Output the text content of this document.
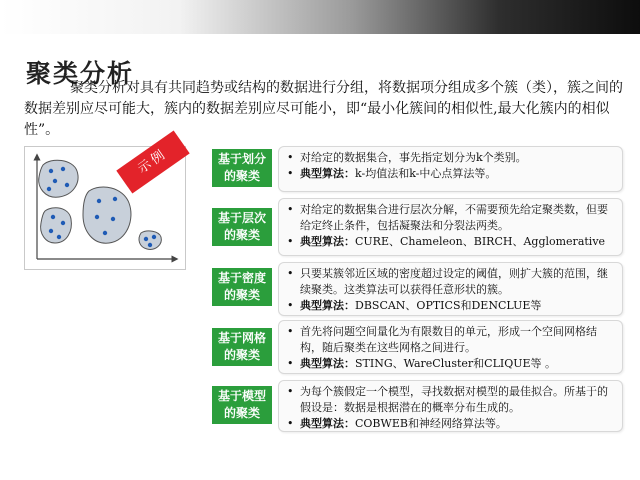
聚类分析

聚类分析对具有共同趋势或结构的数据进行分组，将数据项分组成多个簇（类），簇之间的数据差别应尽可能大，簇内的数据差别应尽可能小，即“最小化簇间的相似性,最大化簇内的相似性”。

示例	基于划分
的聚类
• 对给定的数据集合，事先指定划分为k个类别。
• 典型算法：k-均值法和k-中心点算法等。
基于层次
的聚类
• 对给定的数据集合进行层次分解，不需要预先给定聚类数，但要给定终止条件，包括凝聚法和分裂法两类。
• 典型算法：CURE、Chameleon、BIRCH、Agglomerative
基于密度
的聚类
• 只要某簇邻近区域的密度超过设定的阈值，则扩大簇的范围，继续聚类。这类算法可以获得任意形状的簇。
• 典型算法：DBSCAN、OPTICS和DENCLUE等
基于网格
的聚类
• 首先将问题空间量化为有限数目的单元，形成一个空间网格结构，随后聚类在这些网格之间进行。
• 典型算法：STING、WareCluster和CLIQUE等 。
基于模型
的聚类
• 为每个簇假定一个模型，寻找数据对模型的最佳拟合。所基于的假设是：数据是根据潜在的概率分布生成的。
• 典型算法：COBWEB和神经网络算法等。
